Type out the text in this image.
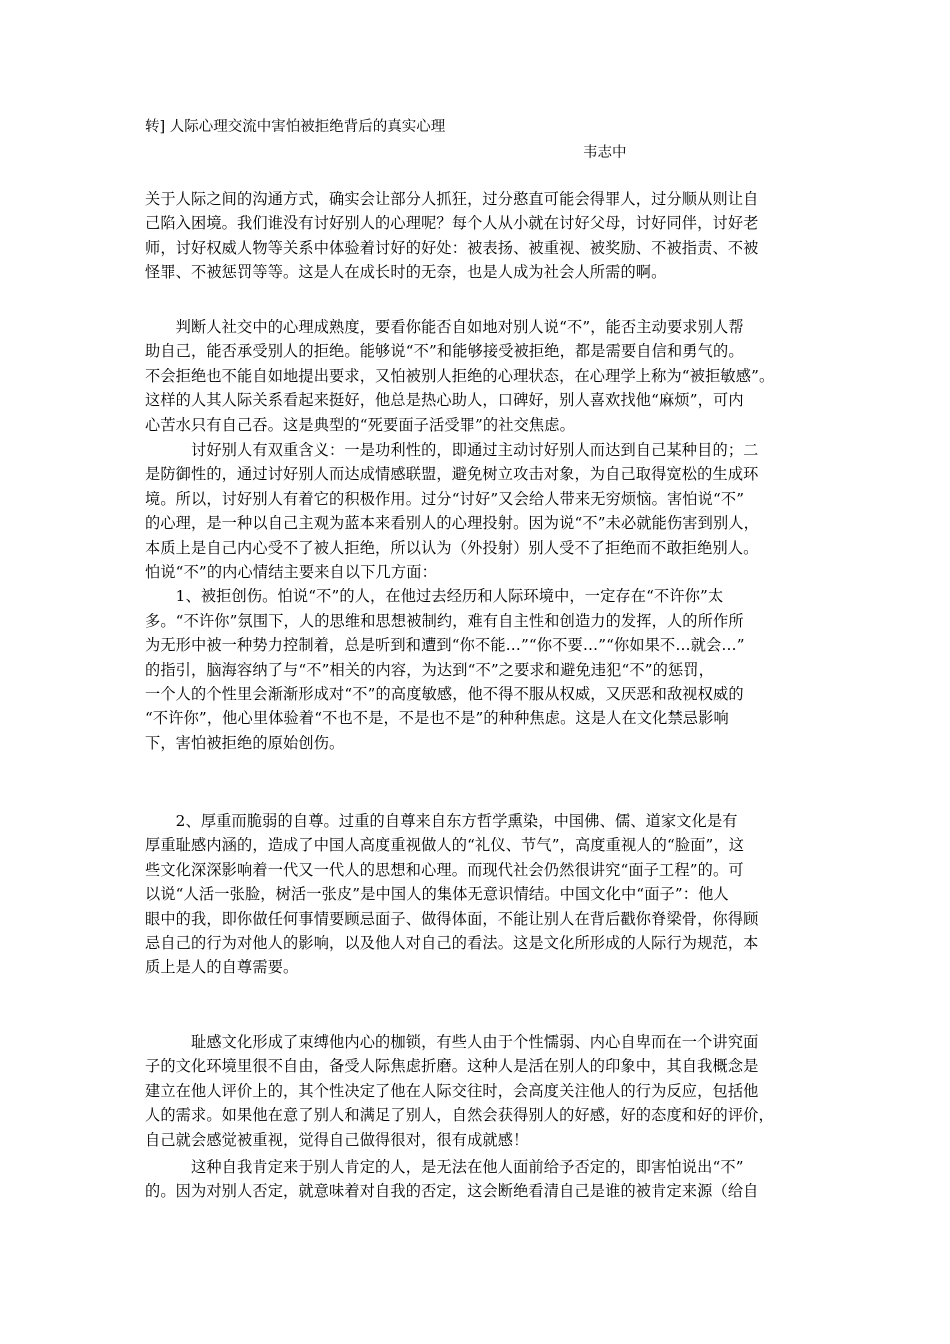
转] 人际心理交流中害怕被拒绝背后的真实心理
韦志中
关于人际之间的沟通方式，确实会让部分人抓狂，过分憨直可能会得罪人，过分顺从则让自
己陷入困境。我们谁没有讨好别人的心理呢？每个人从小就在讨好父母，讨好同伴，讨好老
师，讨好权威人物等关系中体验着讨好的好处：被表扬、被重视、被奖励、不被指责、不被
怪罪、不被惩罚等等。这是人在成长时的无奈，也是人成为社会人所需的啊。
　　判断人社交中的心理成熟度，要看你能否自如地对别人说“不”，能否主动要求别人帮
助自己，能否承受别人的拒绝。能够说“不”和能够接受被拒绝，都是需要自信和勇气的。
不会拒绝也不能自如地提出要求，又怕被别人拒绝的心理状态，在心理学上称为“被拒敏感”。
这样的人其人际关系看起来挺好，他总是热心助人，口碑好，别人喜欢找他“麻烦”，可内
心苦水只有自己吞。这是典型的“死要面子活受罪”的社交焦虑。
　　　讨好别人有双重含义：一是功利性的，即通过主动讨好别人而达到自己某种目的；二
是防御性的，通过讨好别人而达成情感联盟，避免树立攻击对象，为自己取得宽松的生成环
境。所以，讨好别人有着它的积极作用。过分“讨好”又会给人带来无穷烦恼。害怕说“不”
的心理，是一种以自己主观为蓝本来看别人的心理投射。因为说“不”未必就能伤害到别人，
本质上是自己内心受不了被人拒绝，所以认为（外投射）别人受不了拒绝而不敢拒绝别人。
怕说“不”的内心情结主要来自以下几方面：
　　1、被拒创伤。怕说“不”的人，在他过去经历和人际环境中，一定存在“不许你”太
多。“不许你”氛围下，人的思维和思想被制约，难有自主性和创造力的发挥，人的所作所
为无形中被一种势力控制着，总是听到和遭到“你不能…”“你不要…”“你如果不…就会…”
的指引，脑海容纳了与“不”相关的内容，为达到“不”之要求和避免违犯“不”的惩罚，
一个人的个性里会渐渐形成对“不”的高度敏感，他不得不服从权威，又厌恶和敌视权威的
“不许你”，他心里体验着“不也不是，不是也不是”的种种焦虑。这是人在文化禁忌影响
下，害怕被拒绝的原始创伤。
　　2、厚重而脆弱的自尊。过重的自尊来自东方哲学熏染，中国佛、儒、道家文化是有
厚重耻感内涵的，造成了中国人高度重视做人的“礼仪、节气”，高度重视人的“脸面”，这
些文化深深影响着一代又一代人的思想和心理。而现代社会仍然很讲究“面子工程”的。可
以说“人活一张脸，树活一张皮”是中国人的集体无意识情结。中国文化中“面子”：他人
眼中的我，即你做任何事情要顾忌面子、做得体面，不能让别人在背后戳你脊梁骨，你得顾
忌自己的行为对他人的影响，以及他人对自己的看法。这是文化所形成的人际行为规范，本
质上是人的自尊需要。
　　　耻感文化形成了束缚他内心的枷锁，有些人由于个性懦弱、内心自卑而在一个讲究面
子的文化环境里很不自由，备受人际焦虑折磨。这种人是活在别人的印象中，其自我概念是
建立在他人评价上的，其个性决定了他在人际交往时，会高度关注他人的行为反应，包括他
人的需求。如果他在意了别人和满足了别人，自然会获得别人的好感，好的态度和好的评价，
自己就会感觉被重视，觉得自己做得很对，很有成就感！
　　　这种自我肯定来于别人肯定的人，是无法在他人面前给予否定的，即害怕说出“不”
的。因为对别人否定，就意味着对自我的否定，这会断绝看清自己是谁的被肯定来源（给自
